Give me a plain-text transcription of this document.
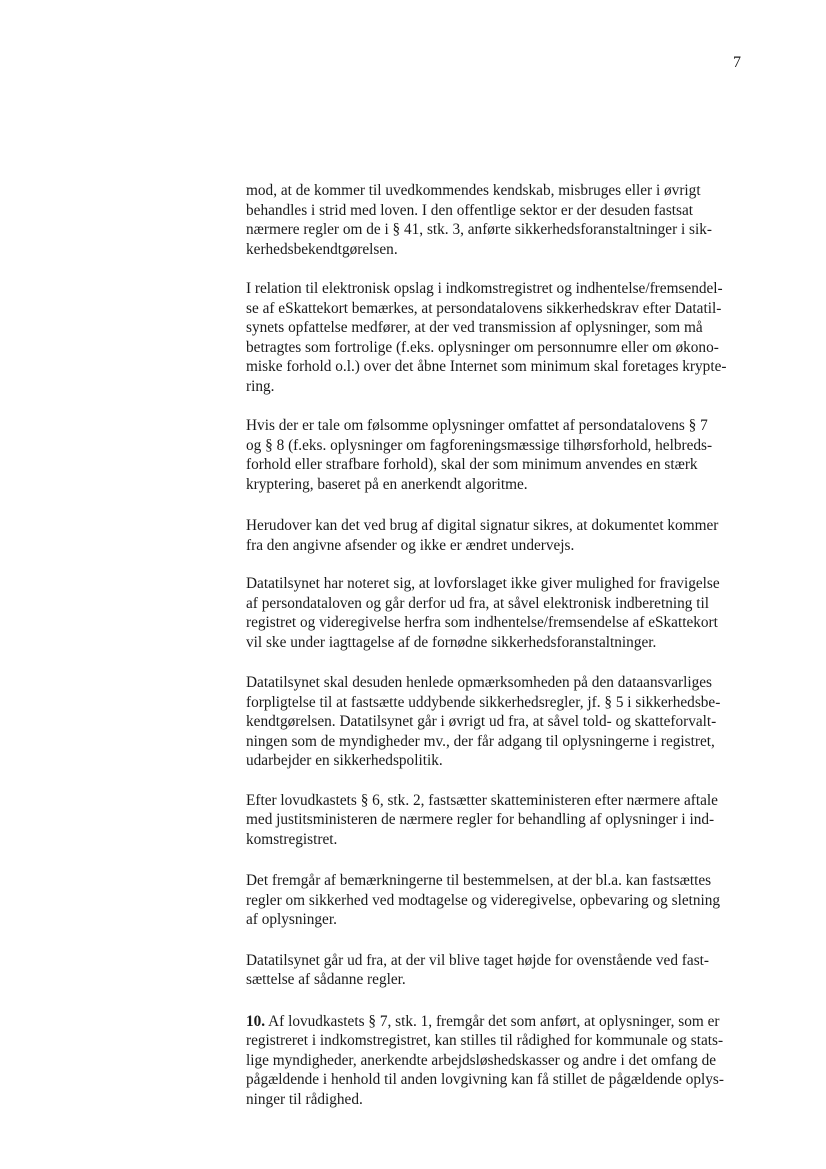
7

mod, at de kommer til uvedkommendes kendskab, misbruges eller i øvrigt
behandles i strid med loven. I den offentlige sektor er der desuden fastsat
nærmere regler om de i § 41, stk. 3, anførte sikkerhedsforanstaltninger i sik-
kerhedsbekendtgørelsen.

I relation til elektronisk opslag i indkomstregistret og indhentelse/fremsendel-
se af eSkattekort bemærkes, at persondatalovens sikkerhedskrav efter Datatil-
synets opfattelse medfører, at der ved transmission af oplysninger, som må
betragtes som fortrolige (f.eks. oplysninger om personnumre eller om økono-
miske forhold o.l.) over det åbne Internet som minimum skal foretages krypte-
ring.

Hvis der er tale om følsomme oplysninger omfattet af persondatalovens § 7
og § 8 (f.eks. oplysninger om fagforeningsmæssige tilhørsforhold, helbreds-
forhold eller strafbare forhold), skal der som minimum anvendes en stærk
kryptering, baseret på en anerkendt algoritme.

Herudover kan det ved brug af digital signatur sikres, at dokumentet kommer
fra den angivne afsender og ikke er ændret undervejs.

Datatilsynet har noteret sig, at lovforslaget ikke giver mulighed for fravigelse
af persondataloven og går derfor ud fra, at såvel elektronisk indberetning til
registret og videregivelse herfra som indhentelse/fremsendelse af eSkattekort
vil ske under iagttagelse af de fornødne sikkerhedsforanstaltninger.

Datatilsynet skal desuden henlede opmærksomheden på den dataansvarliges
forpligtelse til at fastsætte uddybende sikkerhedsregler, jf. § 5 i sikkerhedsbe-
kendtgørelsen. Datatilsynet går i øvrigt ud fra, at såvel told- og skatteforvalt-
ningen som de myndigheder mv., der får adgang til oplysningerne i registret,
udarbejder en sikkerhedspolitik.

Efter lovudkastets § 6, stk. 2, fastsætter skatteministeren efter nærmere aftale
med justitsministeren de nærmere regler for behandling af oplysninger i ind-
komstregistret.

Det fremgår af bemærkningerne til bestemmelsen, at der bl.a. kan fastsættes
regler om sikkerhed ved modtagelse og videregivelse, opbevaring og sletning
af oplysninger.

Datatilsynet går ud fra, at der vil blive taget højde for ovenstående ved fast-
sættelse af sådanne regler.

10. Af lovudkastets § 7, stk. 1, fremgår det som anført, at oplysninger, som er
registreret i indkomstregistret, kan stilles til rådighed for kommunale og stats-
lige myndigheder, anerkendte arbejdsløshedskasser og andre i det omfang de
pågældende i henhold til anden lovgivning kan få stillet de pågældende oplys-
ninger til rådighed.
